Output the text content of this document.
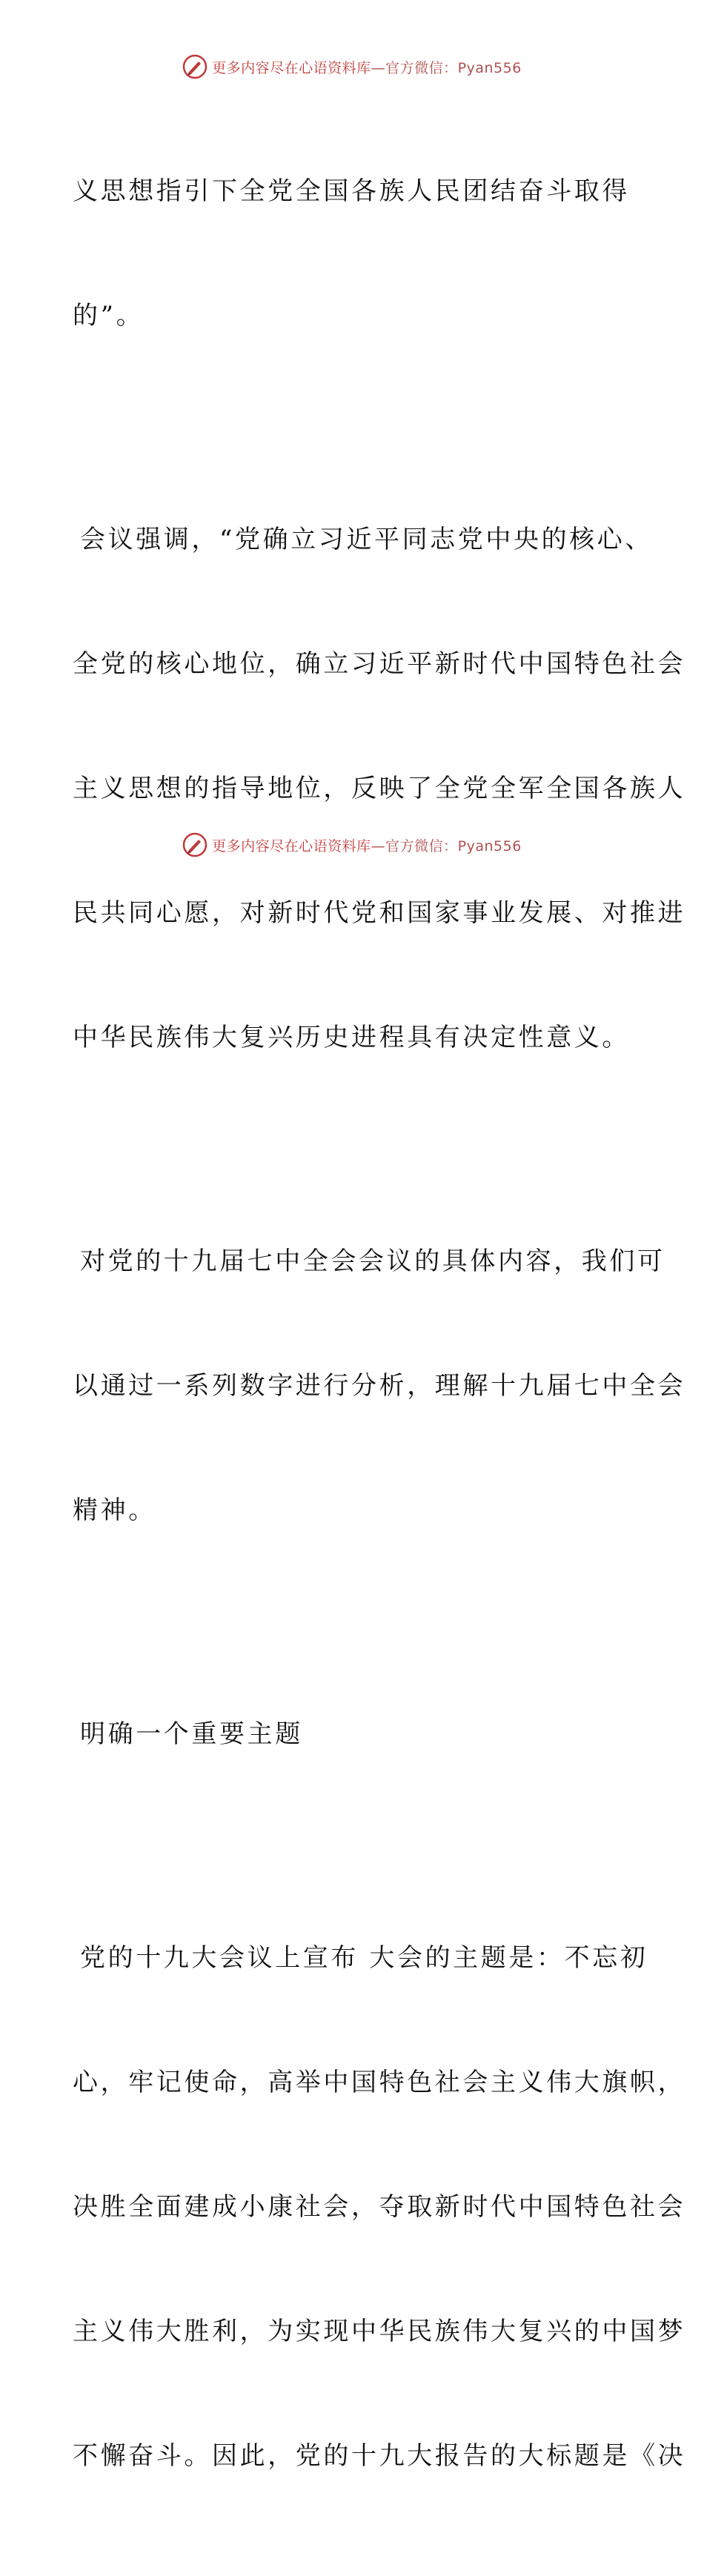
更多内容尽在心语资料库—官方微信：Pyan556

义思想指引下全党全国各族人民团结奋斗取得

的”。

会议强调，“党确立习近平同志党中央的核心、

全党的核心地位，确立习近平新时代中国特色社会

主义思想的指导地位，反映了全党全军全国各族人

民共同心愿，对新时代党和国家事业发展、对推进

中华民族伟大复兴历史进程具有决定性意义。

对党的十九届七中全会会议的具体内容，我们可

以通过一系列数字进行分析，理解十九届七中全会

精神。

明确一个重要主题

党的十九大会议上宣布 大会的主题是：不忘初

心，牢记使命，高举中国特色社会主义伟大旗帜，

决胜全面建成小康社会，夺取新时代中国特色社会

主义伟大胜利，为实现中华民族伟大复兴的中国梦

不懈奋斗。因此，党的十九大报告的大标题是《决

更多内容尽在心语资料库—官方微信：Pyan556
